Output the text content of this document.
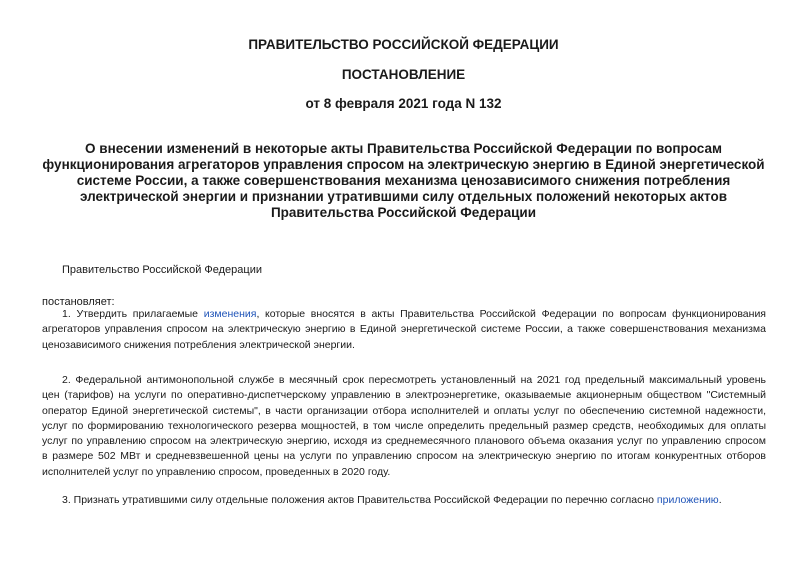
ПРАВИТЕЛЬСТВО РОССИЙСКОЙ ФЕДЕРАЦИИ
ПОСТАНОВЛЕНИЕ
от 8 февраля 2021 года N 132
О внесении изменений в некоторые акты Правительства Российской Федерации по вопросам
функционирования агрегаторов управления спросом на электрическую энергию в Единой энергетической
системе России, а также совершенствования механизма ценозависимого снижения потребления
электрической энергии и признании утратившими силу отдельных положений некоторых актов
Правительства Российской Федерации
Правительство Российской Федерации
постановляет:
1. Утвердить прилагаемые изменения, которые вносятся в акты Правительства Российской Федерации по вопросам функционирования
агрегаторов управления спросом на электрическую энергию в Единой энергетической системе России, а также совершенствования механизма
ценозависимого снижения потребления электрической энергии.
2. Федеральной антимонопольной службе в месячный срок пересмотреть установленный на 2021 год предельный максимальный уровень
цен (тарифов) на услуги по оперативно-диспетчерскому управлению в электроэнергетике, оказываемые акционерным обществом "Системный
оператор Единой энергетической системы", в части организации отбора исполнителей и оплаты услуг по обеспечению системной надежности,
услуг по формированию технологического резерва мощностей, в том числе определить предельный размер средств, необходимых для оплаты
услуг по управлению спросом на электрическую энергию, исходя из среднемесячного планового объема оказания услуг по управлению спросом
в размере 502 МВт и средневзвешенной цены на услуги по управлению спросом на электрическую энергию по итогам конкурентных отборов
исполнителей услуг по управлению спросом, проведенных в 2020 году.
3. Признать утратившими силу отдельные положения актов Правительства Российской Федерации по перечню согласно приложению.
